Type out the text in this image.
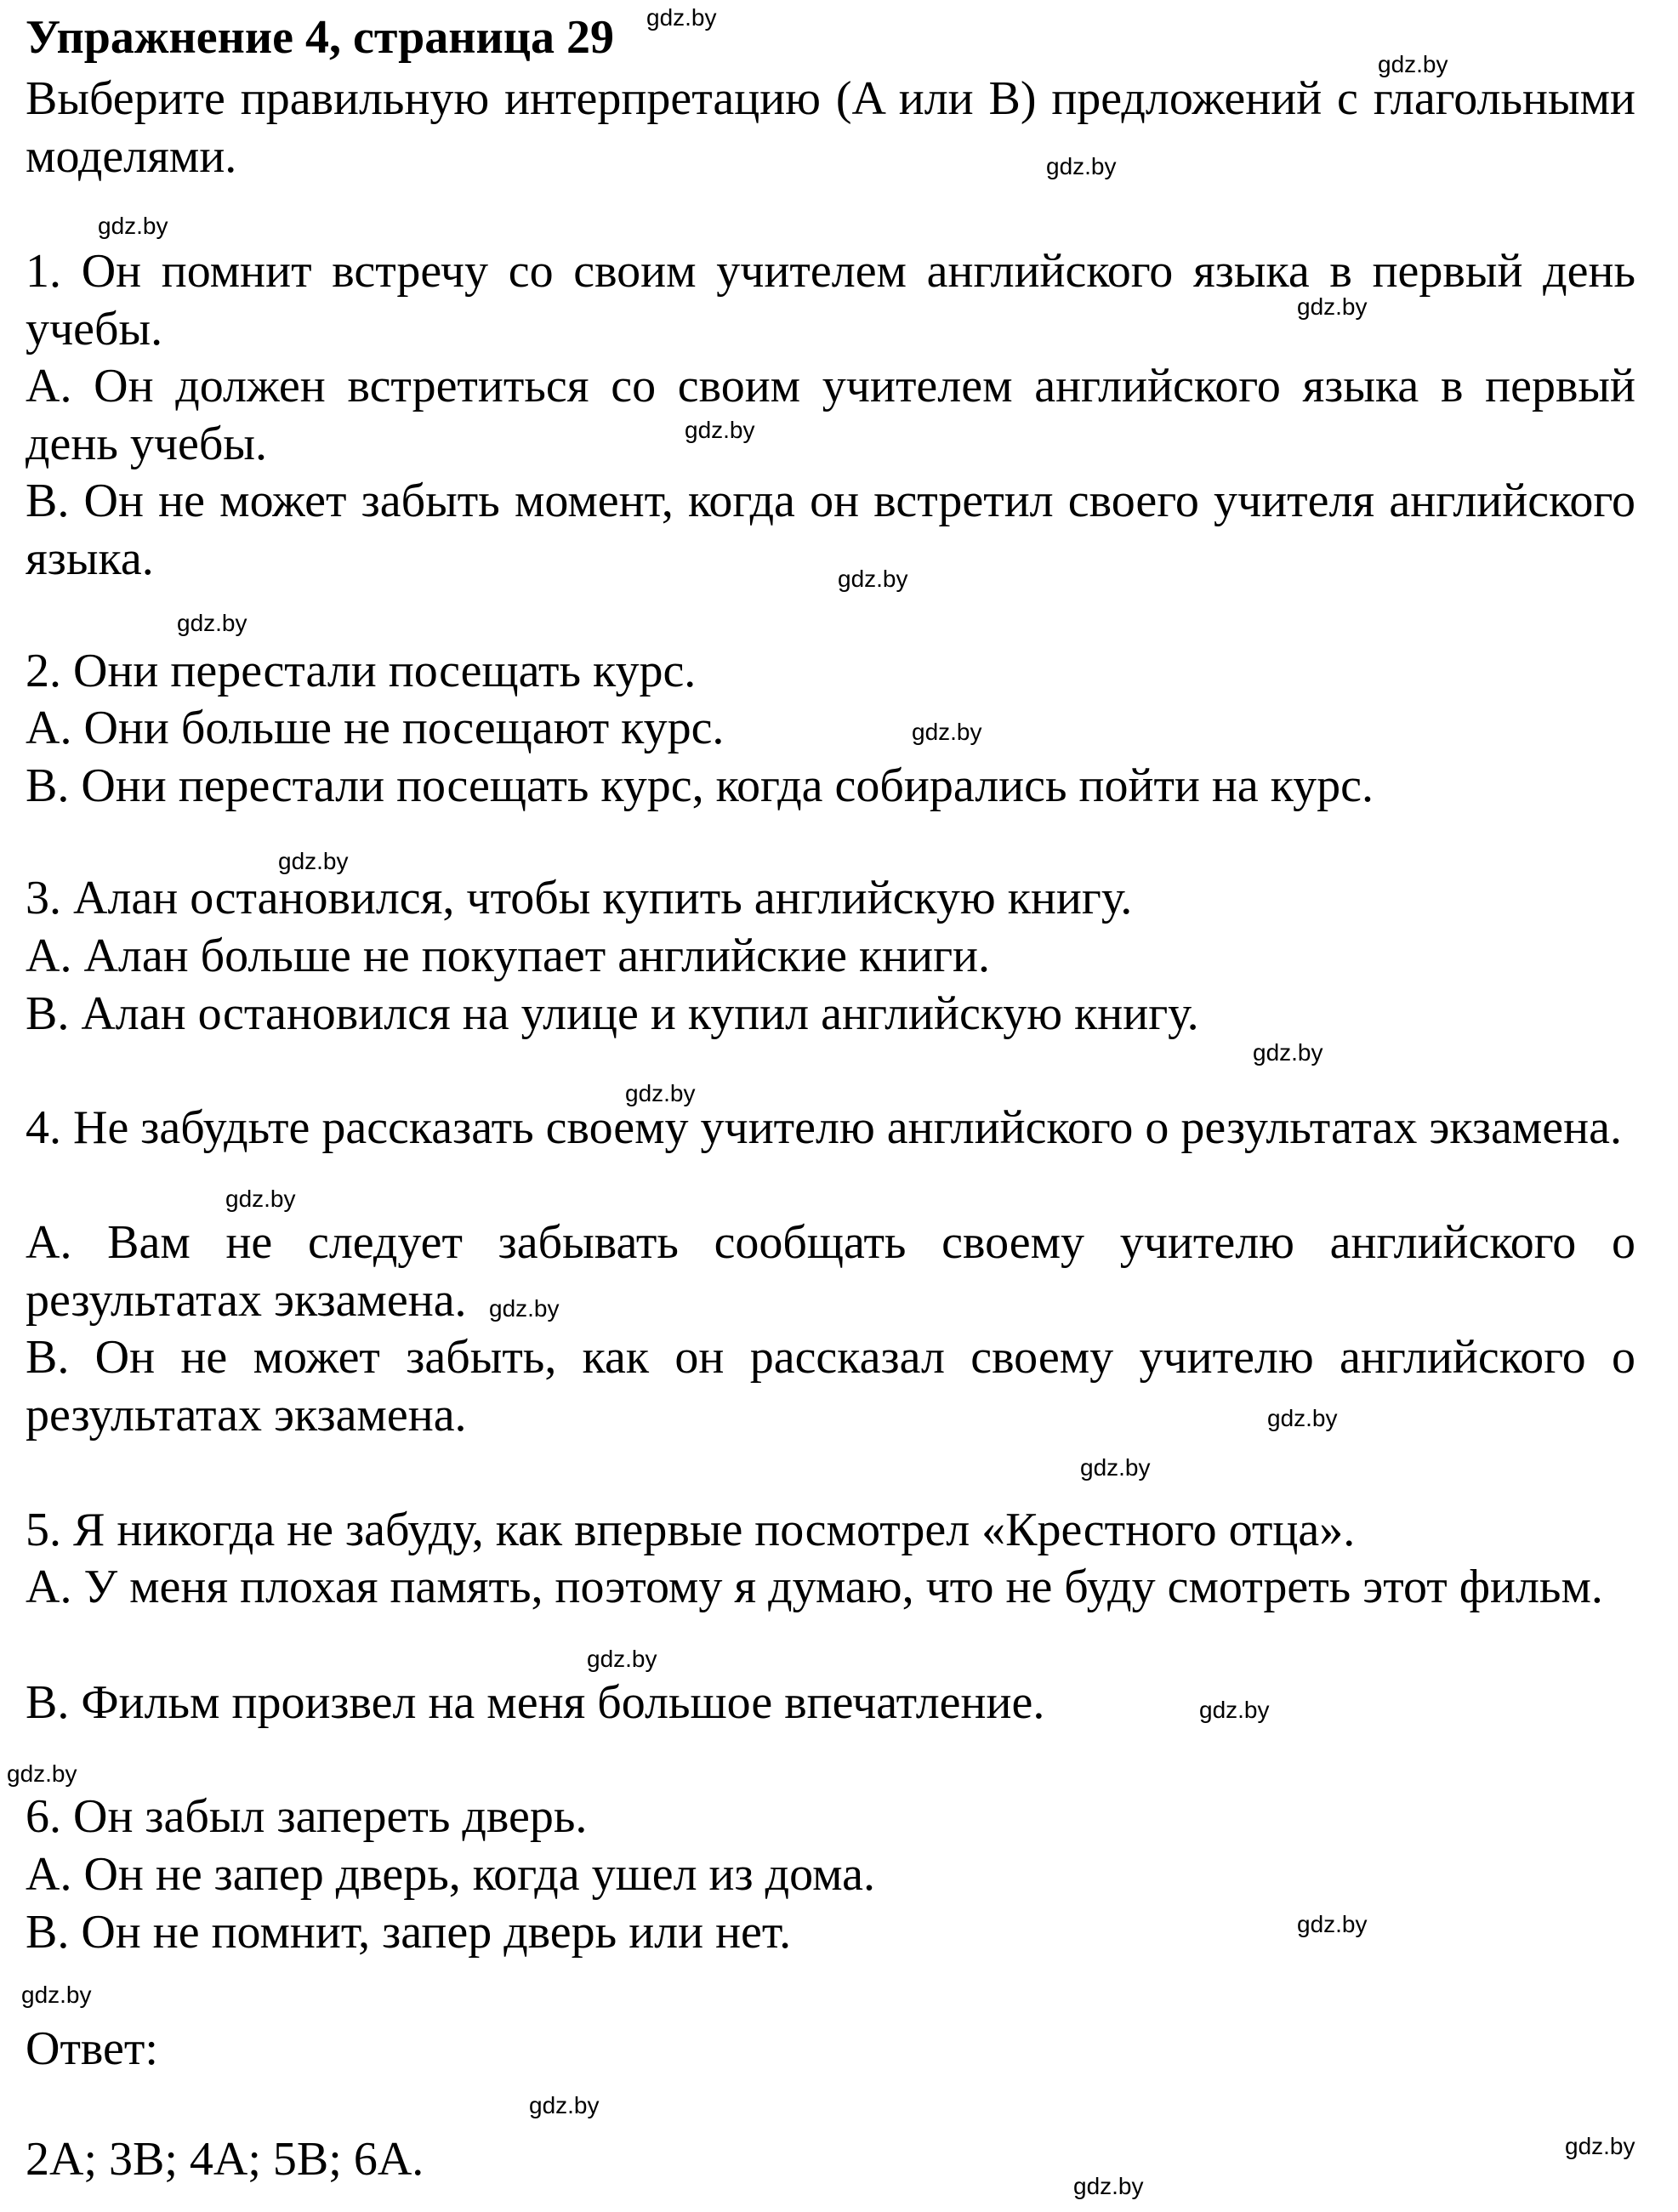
Упражнение 4, страница 29
Выберите правильную интерпретацию (A или B) предложений с глагольными моделями.
1. Он помнит встречу со своим учителем английского языка в первый день учебы.
A. Он должен встретиться со своим учителем английского языка в первый день учебы.
B. Он не может забыть момент, когда он встретил своего учителя английского языка.
2. Они перестали посещать курс.
A. Они больше не посещают курс.
B. Они перестали посещать курс, когда собирались пойти на курс.
3. Алан остановился, чтобы купить английскую книгу.
A. Алан больше не покупает английские книги.
B. Алан остановился на улице и купил английскую книгу.
4. Не забудьте рассказать своему учителю английского о результатах экзамена.
A. Вам не следует забывать сообщать своему учителю английского о результатах экзамена.
B. Он не может забыть, как он рассказал своему учителю английского о результатах экзамена.
5. Я никогда не забуду, как впервые посмотрел «Крестного отца».
A. У меня плохая память, поэтому я думаю, что не буду смотреть этот фильм.
B. Фильм произвел на меня большое впечатление.
6. Он забыл запереть дверь.
A. Он не запер дверь, когда ушел из дома.
B. Он не помнит, запер дверь или нет.
Ответ:
2A; 3B; 4A; 5B; 6A.
gdz.by
gdz.by
gdz.by
gdz.by
gdz.by
gdz.by
gdz.by
gdz.by
gdz.by
gdz.by
gdz.by
gdz.by
gdz.by
gdz.by
gdz.by
gdz.by
gdz.by
gdz.by
gdz.by
gdz.by
gdz.by
gdz.by
gdz.by
gdz.by
